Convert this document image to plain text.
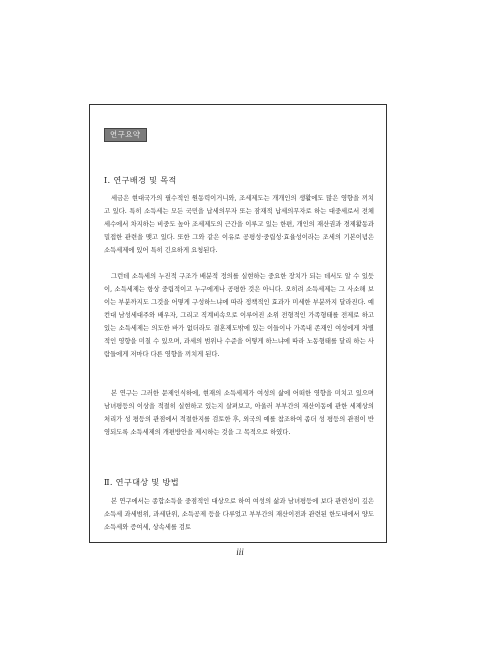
연구요약
Ⅰ. 연구배경 및 목적

세금은 현대국가의 필수적인 원동력이거니와, 조세제도는 개개인의 생활에도 많은 영향을 끼치고 있다. 특히 소득세는 모든 국민을 납세의무자 또는 잠재적 납세의무자로 하는 대중세로서 전체 세수에서 차지하는 비중도 높아 조세제도의 근간을 이루고 있는 한편, 개인의 재산권과 경제활동과 밀접한 관련을 맺고 있다. 또한 그와 같은 이유로 공평성·중립성·효율성이라는 조세의 기본이념은 소득세제에 있어 특히 긴요하게 요청된다.

그런데 소득세의 누진적 구조가 배분적 정의를 실현하는 중요한 장치가 되는 데서도 알 수 있듯이, 소득세제는 항상 중립적이고 누구에게나 공평한 것은 아니다. 오히려 소득세제는 그 사소해 보이는 부분까지도 그것을 어떻게 구성하느냐에 따라 정책적인 효과가 미세한 부분까지 달라진다. 예컨대 남성세대주와 배우자, 그리고 직계비속으로 이루어진 소위 전형적인 가족형태를 전제로 하고 있는 소득세제는 의도한 바가 없더라도 결혼제도밖에 있는 이들이나 가족내 존재인 여성에게 차별적인 영향을 미칠 수 있으며, 과세의 범위나 수준을 어떻게 하느냐에 따라 노동형태를 달리 하는 사람들에게 저마다 다른 영향을 끼치게 된다.

본 연구는 그러한 문제인식하에, 현재의 소득세제가 여성의 삶에 어떠한 영향을 미치고 있으며 남녀평등의 이상을 적절히 실현하고 있는지 살펴보고, 아울러 부부간의 재산이동에 관한 세제상의 처리가 성 평등의 관점에서 적절한지를 검토한 후, 외국의 예를 참조하여 좀더 성 평등의 관점이 반영되도록 소득세제의 개편방안을 제시하는 것을 그 목적으로 하였다.

Ⅱ. 연구대상 및 방법

본 연구에서는 종합소득을 중점적인 대상으로 하여 여성의 삶과 남녀평등에 보다 관련성이 깊은 소득세 과세범위, 과세단위, 소득공제 등을 다루었고 부부간의 재산이전과 관련된 한도내에서 양도소득세와 증여세, 상속세를 검토

iii
